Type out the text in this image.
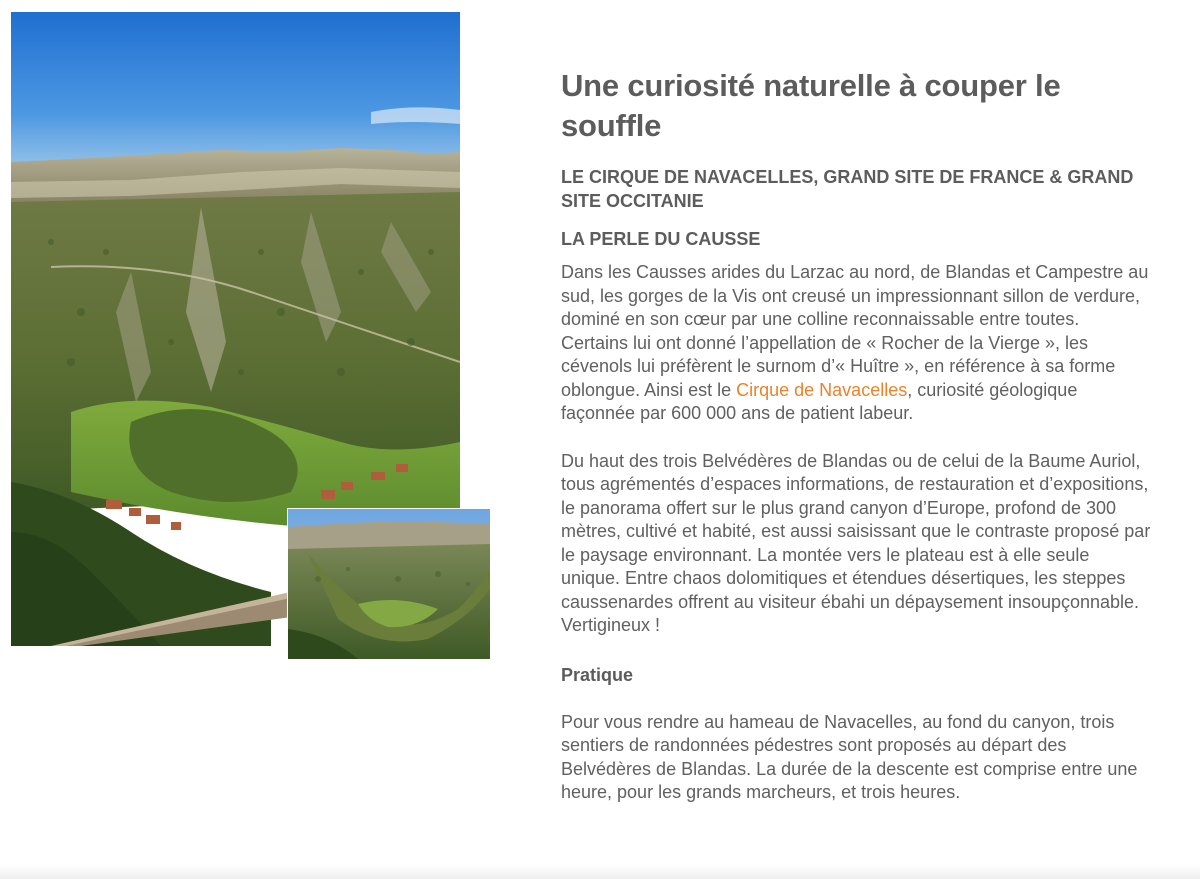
Une curiosité naturelle à couper le souffle
LE CIRQUE DE NAVACELLES, GRAND SITE DE FRANCE & GRAND SITE OCCITANIE
LA PERLE DU CAUSSE

Dans les Causses arides du Larzac au nord, de Blandas et Campestre au sud, les gorges de la Vis ont creusé un impressionnant sillon de verdure, dominé en son cœur par une colline reconnaissable entre toutes. Certains lui ont donné l’appellation de « Rocher de la Vierge », les cévenols lui préfèrent le surnom d’« Huître », en référence à sa forme oblongue. Ainsi est le Cirque de Navacelles, curiosité géologique façonnée par 600 000 ans de patient labeur.

Du haut des trois Belvédères de Blandas ou de celui de la Baume Auriol, tous agrémentés d’espaces informations, de restauration et d’expositions, le panorama offert sur le plus grand canyon d’Europe, profond de 300 mètres, cultivé et habité, est aussi saisissant que le contraste proposé par le paysage environnant. La montée vers le plateau est à elle seule unique. Entre chaos dolomitiques et étendues désertiques, les steppes caussenardes offrent au visiteur ébahi un dépaysement insoupçonnable. Vertigineux !

Pratique

Pour vous rendre au hameau de Navacelles, au fond du canyon, trois sentiers de randonnées pédestres sont proposés au départ des Belvédères de Blandas. La durée de la descente est comprise entre une heure, pour les grands marcheurs, et trois heures.
